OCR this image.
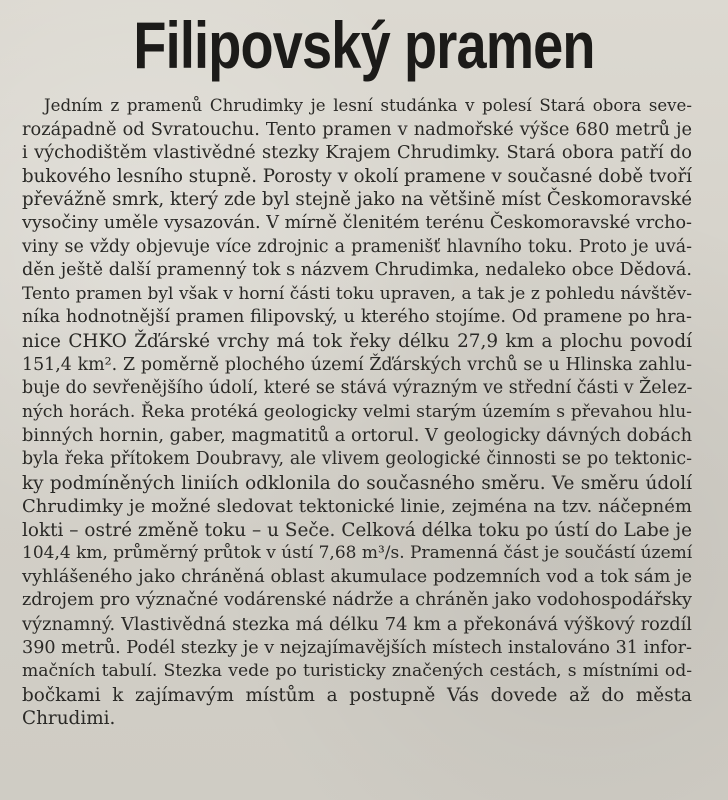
Filipovský pramen
Jedním z pramenů Chrudimky je lesní studánka v polesí Stará obora seve-
rozápadně od Svratouchu. Tento pramen v nadmořské výšce 680 metrů je
i východištěm vlastivědné stezky Krajem Chrudimky. Stará obora patří do
bukového lesního stupně. Porosty v okolí pramene v současné době tvoří
převážně smrk, který zde byl stejně jako na většině míst Českomoravské
vysočiny uměle vysazován. V mírně členitém terénu Českomoravské vrcho-
viny se vždy objevuje více zdrojnic a pramenišť hlavního toku. Proto je uvá-
děn ještě další pramenný tok s názvem Chrudimka, nedaleko obce Dědová.
Tento pramen byl však v horní části toku upraven, a tak je z pohledu návštěv-
níka hodnotnější pramen filipovský, u kterého stojíme. Od pramene po hra-
nice CHKO Žďárské vrchy má tok řeky délku 27,9 km a plochu povodí
151,4 km². Z poměrně plochého území Žďárských vrchů se u Hlinska zahlu-
buje do sevřenějšího údolí, které se stává výrazným ve střední části v Želez-
ných horách. Řeka protéká geologicky velmi starým územím s převahou hlu-
binných hornin, gaber, magmatitů a ortorul. V geologicky dávných dobách
byla řeka přítokem Doubravy, ale vlivem geologické činnosti se po tektonic-
ky podmíněných liniích odklonila do současného směru. Ve směru údolí
Chrudimky je možné sledovat tektonické linie, zejména na tzv. náčepném
lokti – ostré změně toku – u Seče. Celková délka toku po ústí do Labe je
104,4 km, průměrný průtok v ústí 7,68 m³/s. Pramenná část je součástí území
vyhlášeného jako chráněná oblast akumulace podzemních vod a tok sám je
zdrojem pro význačné vodárenské nádrže a chráněn jako vodohospodářsky
významný. Vlastivědná stezka má délku 74 km a překonává výškový rozdíl
390 metrů. Podél stezky je v nejzajímavějších místech instalováno 31 infor-
mačních tabulí. Stezka vede po turisticky značených cestách, s místními od-
bočkami k zajímavým místům a postupně Vás dovede až do města
Chrudimi.
